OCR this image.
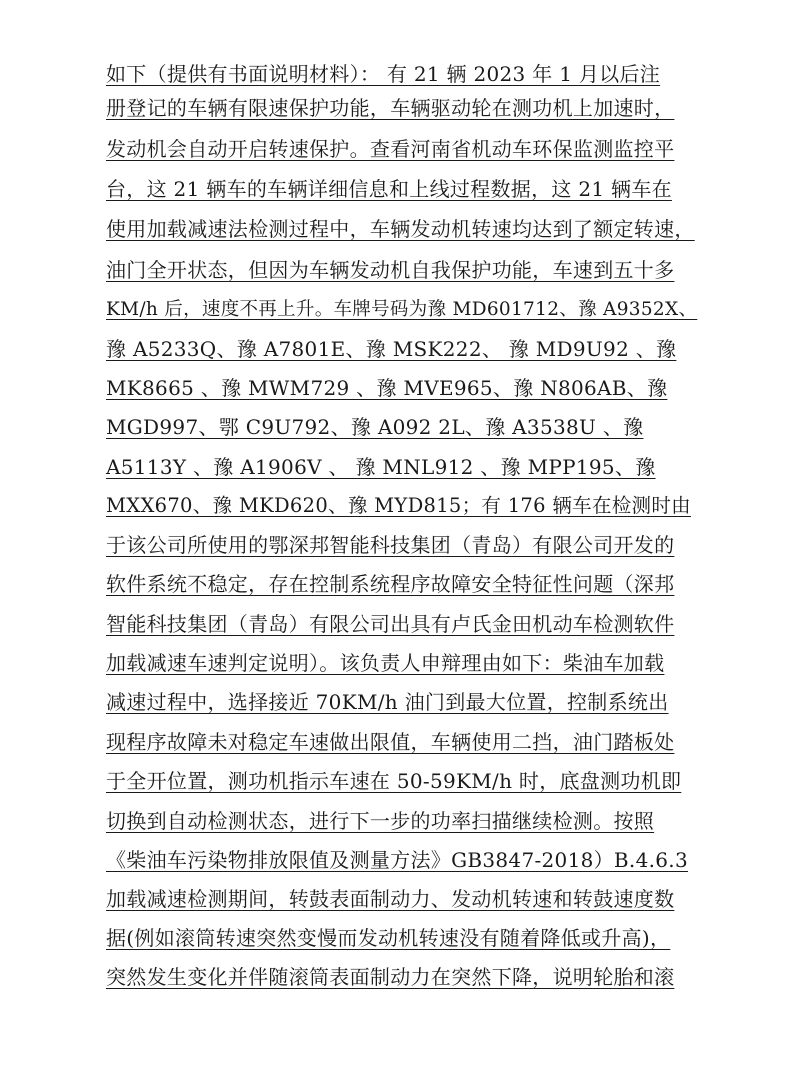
如下（提供有书面说明材料）： 有 21 辆 2023 年 1 月以后注
册登记的车辆有限速保护功能，车辆驱动轮在测功机上加速时，
发动机会自动开启转速保护。查看河南省机动车环保监测监控平
台，这 21 辆车的车辆详细信息和上线过程数据，这 21 辆车在
使用加载减速法检测过程中，车辆发动机转速均达到了额定转速，
油门全开状态，但因为车辆发动机自我保护功能，车速到五十多
KM/h 后，速度不再上升。车牌号码为豫 MD601712、豫 A9352X、
豫 A5233Q、豫 A7801E、豫 MSK222、 豫 MD9U92 、豫
MK8665 、豫 MWM729 、豫 MVE965、豫 N806AB、豫
MGD997、鄂 C9U792、豫 A092 2L、豫 A3538U 、豫
A5113Y 、豫 A1906V 、 豫 MNL912 、豫 MPP195、豫
MXX670、豫 MKD620、豫 MYD815；有 176 辆车在检测时由
于该公司所使用的鄂深邦智能科技集团（青岛）有限公司开发的
软件系统不稳定，存在控制系统程序故障安全特征性问题（深邦
智能科技集团（青岛）有限公司出具有卢氏金田机动车检测软件
加载减速车速判定说明）。该负责人申辩理由如下：柴油车加载
减速过程中，选择接近 70KM/h 油门到最大位置，控制系统出
现程序故障未对稳定车速做出限值，车辆使用二挡，油门踏板处
于全开位置，测功机指示车速在 50-59KM/h 时，底盘测功机即
切换到自动检测状态，进行下一步的功率扫描继续检测。按照
《柴油车污染物排放限值及测量方法》GB3847-2018）B.4.6.3
加载减速检测期间，转鼓表面制动力、发动机转速和转鼓速度数
据(例如滚筒转速突然变慢而发动机转速没有随着降低或升高)，
突然发生变化并伴随滚筒表面制动力在突然下降，说明轮胎和滚
